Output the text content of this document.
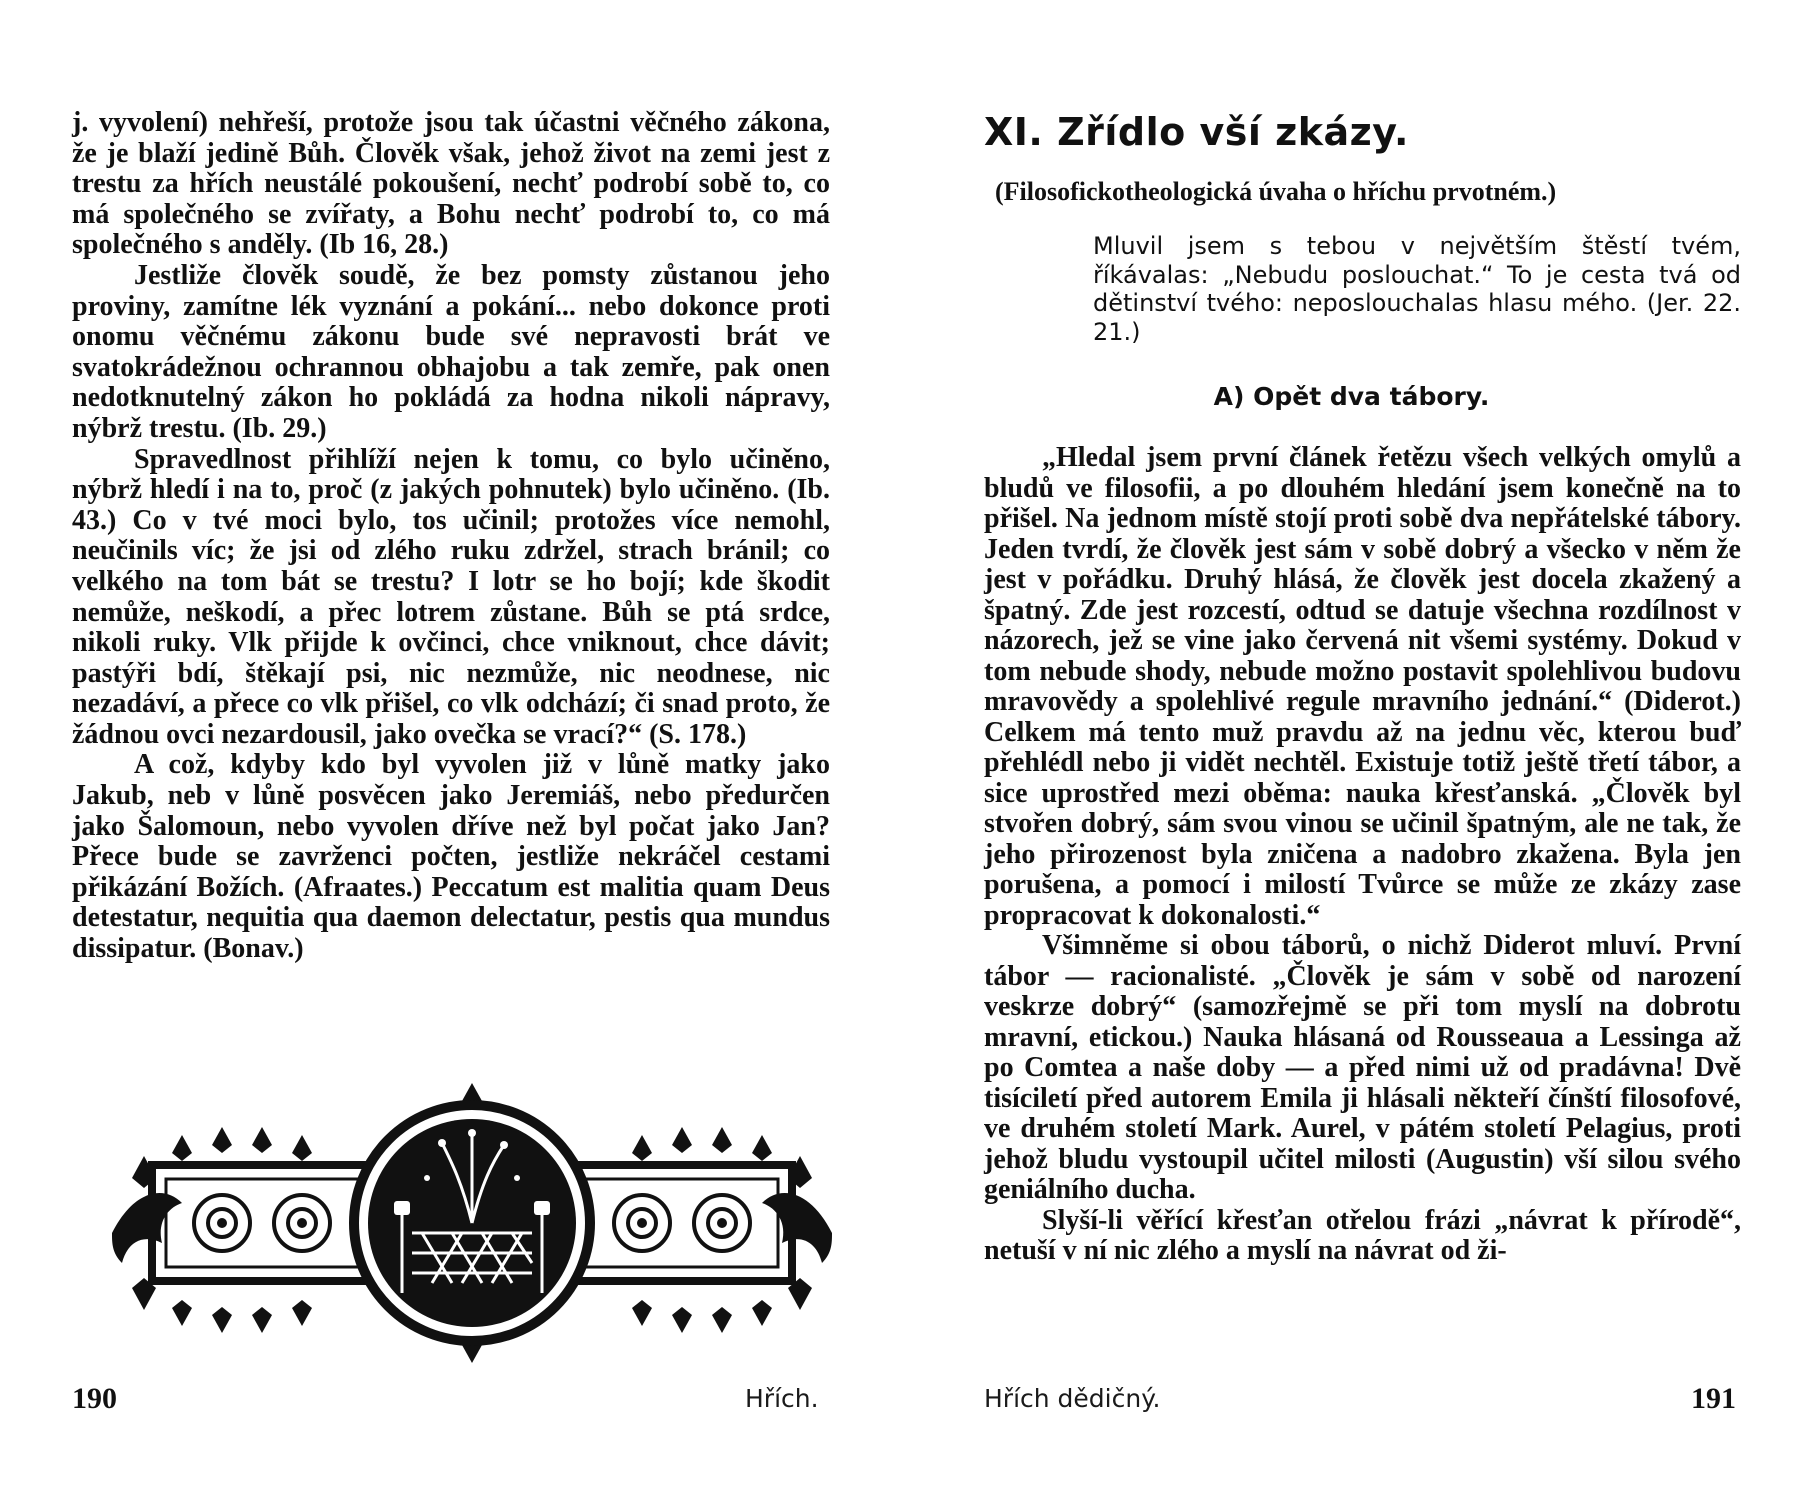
j. vyvolení) nehřeší, protože jsou tak účastni věčného zákona, že je blaží jedině Bůh. Člověk však, jehož život na zemi jest z trestu za hřích neustálé pokoušení, nechť podrobí sobě to, co má společného se zvířaty, a Bohu nechť podrobí to, co má společného s anděly. (Ib 16, 28.)

Jestliže člověk soudě, že bez pomsty zůstanou jeho proviny, zamítne lék vyznání a pokání... nebo dokonce proti onomu věčnému zákonu bude své nepravosti brát ve svatokrádežnou ochrannou obhajobu a tak zemře, pak onen nedotknutelný zákon ho pokládá za hodna nikoli nápravy, nýbrž trestu. (Ib. 29.)

Spravedlnost přihlíží nejen k tomu, co bylo učiněno, nýbrž hledí i na to, proč (z jakých pohnutek) bylo učiněno. (Ib. 43.) Co v tvé moci bylo, tos učinil; protožes více nemohl, neučinils víc; že jsi od zlého ruku zdržel, strach bránil; co velkého na tom bát se trestu? I lotr se ho bojí; kde škodit nemůže, neškodí, a přec lotrem zůstane. Bůh se ptá srdce, nikoli ruky. Vlk přijde k ovčinci, chce vniknout, chce dávit; pastýři bdí, štěkají psi, nic nezmůže, nic neodnese, nic nezadáví, a přece co vlk přišel, co vlk odchází; či snad proto, že žádnou ovci nezardousil, jako ovečka se vrací?“ (S. 178.)

A což, kdyby kdo byl vyvolen již v lůně matky jako Jakub, neb v lůně posvěcen jako Jeremiáš, nebo předurčen jako Šalomoun, nebo vyvolen dříve než byl počat jako Jan? Přece bude se zavrženci počten, jestliže nekráčel cestami přikázání Božích. (Afraates.) Peccatum est malitia quam Deus detestatur, nequitia qua daemon delectatur, pestis qua mundus dissipatur. (Bonav.)

190	Hřích.
XI. Zřídlo vší zkázy.

(Filosofickotheologická úvaha o hříchu prvotném.)

Mluvil jsem s tebou v největším štěstí tvém, říkávalas: „Nebudu poslouchat.“ To je cesta tvá od dětinství tvého: neposlouchalas hlasu mého. (Jer. 22. 21.)

A) Opět dva tábory.

„Hledal jsem první článek řetězu všech velkých omylů a bludů ve filosofii, a po dlouhém hledání jsem konečně na to přišel. Na jednom místě stojí proti sobě dva nepřátelské tábory. Jeden tvrdí, že člověk jest sám v sobě dobrý a všecko v něm že jest v pořádku. Druhý hlásá, že člověk jest docela zkažený a špatný. Zde jest rozcestí, odtud se datuje všechna rozdílnost v názorech, jež se vine jako červená nit všemi systémy. Dokud v tom nebude shody, nebude možno postavit spolehlivou budovu mravovědy a spolehlivé regule mravního jednání.“ (Diderot.) Celkem má tento muž pravdu až na jednu věc, kterou buď přehlédl nebo ji vidět nechtěl. Existuje totiž ještě třetí tábor, a sice uprostřed mezi oběma: nauka křesťanská. „Člověk byl stvořen dobrý, sám svou vinou se učinil špatným, ale ne tak, že jeho přirozenost byla zničena a nadobro zkažena. Byla jen porušena, a pomocí i milostí Tvůrce se může ze zkázy zase propracovat k dokonalosti.“

Všimněme si obou táborů, o nichž Diderot mluví. První tábor — racionalisté. „Člověk je sám v sobě od narození veskrze dobrý“ (samozřejmě se při tom myslí na dobrotu mravní, etickou.) Nauka hlásaná od Rousseaua a Lessinga až po Comtea a naše doby — a před nimi už od pradávna! Dvě tisíciletí před autorem Emila ji hlásali někteří čínští filosofové, ve druhém století Mark. Aurel, v pátém století Pelagius, proti jehož bludu vystoupil učitel milosti (Augustin) vší silou svého geniálního ducha.

Slyší-li věřící křesťan otřelou frázi „návrat k přírodě“, netuší v ní nic zlého a myslí na návrat od ži-

Hřích dědičný.	191
